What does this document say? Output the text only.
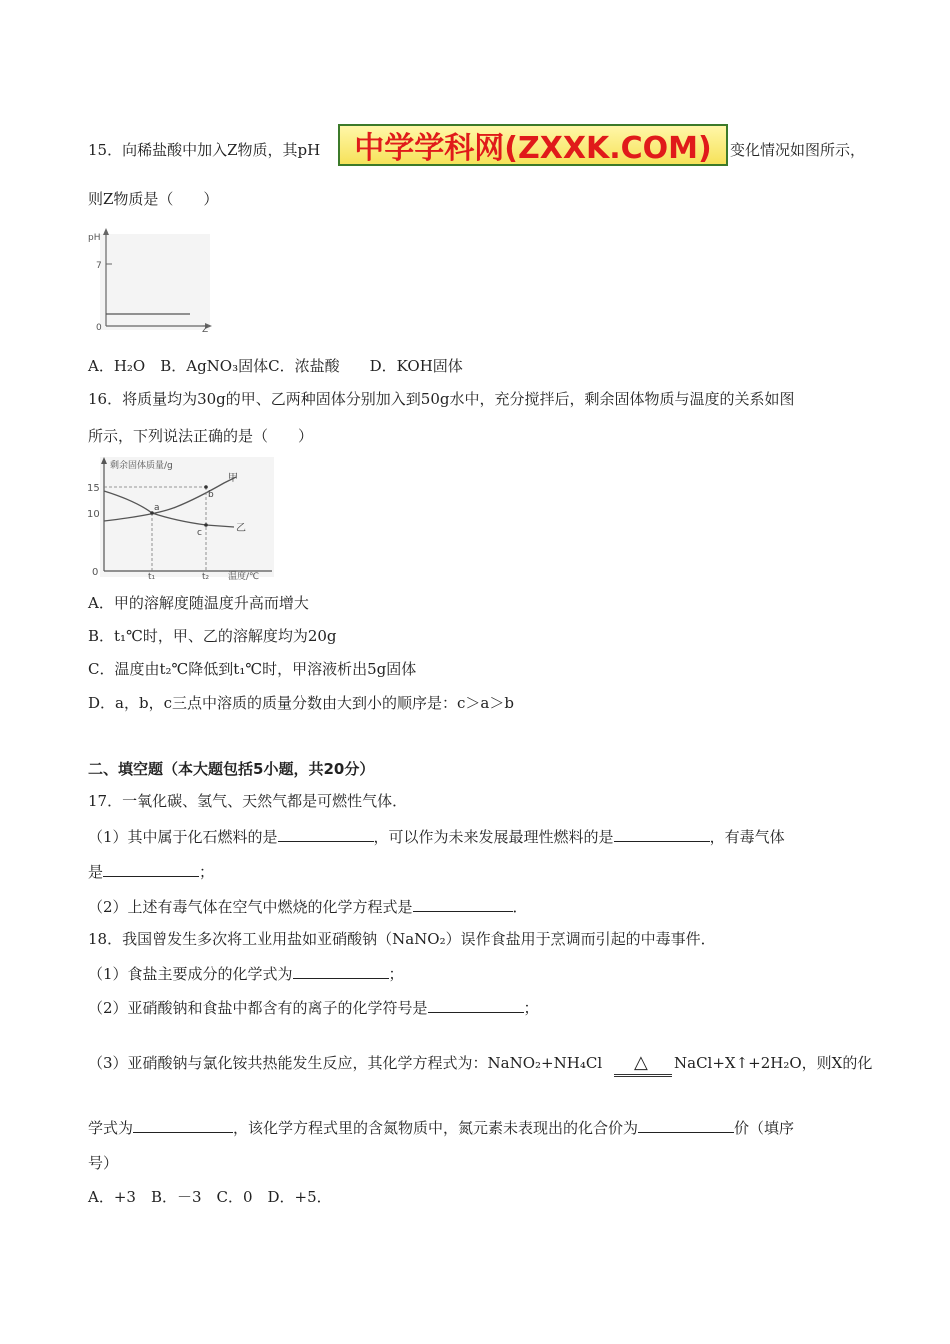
15．向稀盐酸中加入Z物质，其pH	变化情况如图所示，
中学学科网(ZXXK.COM)
则Z物质是（　　）
pH
7
0	Z
A．H₂O　B．AgNO₃固体C．浓盐酸　　D．KOH固体
16．将质量均为30g的甲、乙两种固体分别加入到50g水中，充分搅拌后，剩余固体物质与温度的关系如图
所示，下列说法正确的是（　　）
剩余固体质量/g
15
10
0
a
b
c
甲
乙
t₁	t₂ 温度/℃
A．甲的溶解度随温度升高而增大
B．t₁℃时，甲、乙的溶解度均为20g
C．温度由t₂℃降低到t₁℃时，甲溶液析出5g固体
D．a，b，c三点中溶质的质量分数由大到小的顺序是：c＞a＞b
二、填空题（本大题包括5小题，共20分）
17．一氧化碳、氢气、天然气都是可燃性气体．
（1）其中属于化石燃料的是	，可以作为未来发展最理性燃料的是	，有毒气体
是	；
（2）上述有毒气体在空气中燃烧的化学方程式是	．
18．我国曾发生多次将工业用盐如亚硝酸钠（NaNO₂）误作食盐用于烹调而引起的中毒事件．
（1）食盐主要成分的化学式为	；
（2）亚硝酸钠和食盐中都含有的离子的化学符号是	；
（3）亚硝酸钠与氯化铵共热能发生反应，其化学方程式为：NaNO₂+NH₄Cl △ NaCl+X↑+2H₂O，则X的化
学式为	，该化学方程式里的含氮物质中，氮元素未表现出的化合价为	价（填序
号）
A．+3　B．－3　C．0　D．+5．
